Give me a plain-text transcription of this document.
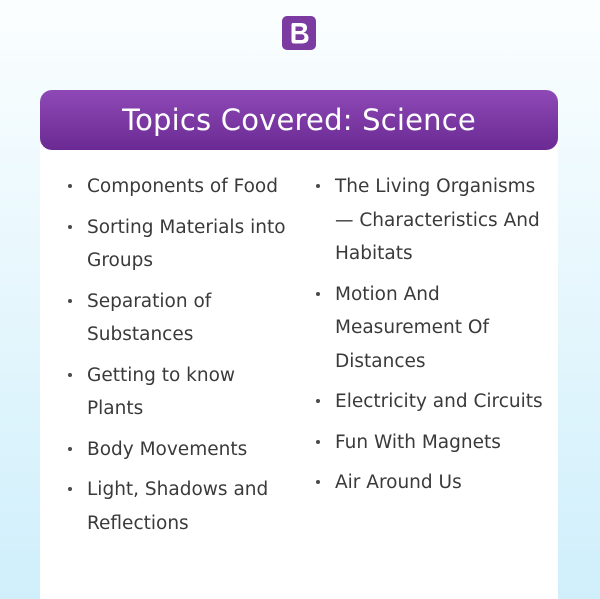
Topics Covered: Science
Components of Food
Sorting Materials into Groups
Separation of Substances
Getting to know Plants
Body Movements
Light, Shadows and Reflections
The Living Organisms — Characteristics And Habitats
Motion And Measurement Of Distances
Electricity and Circuits
Fun With Magnets
Air Around Us
